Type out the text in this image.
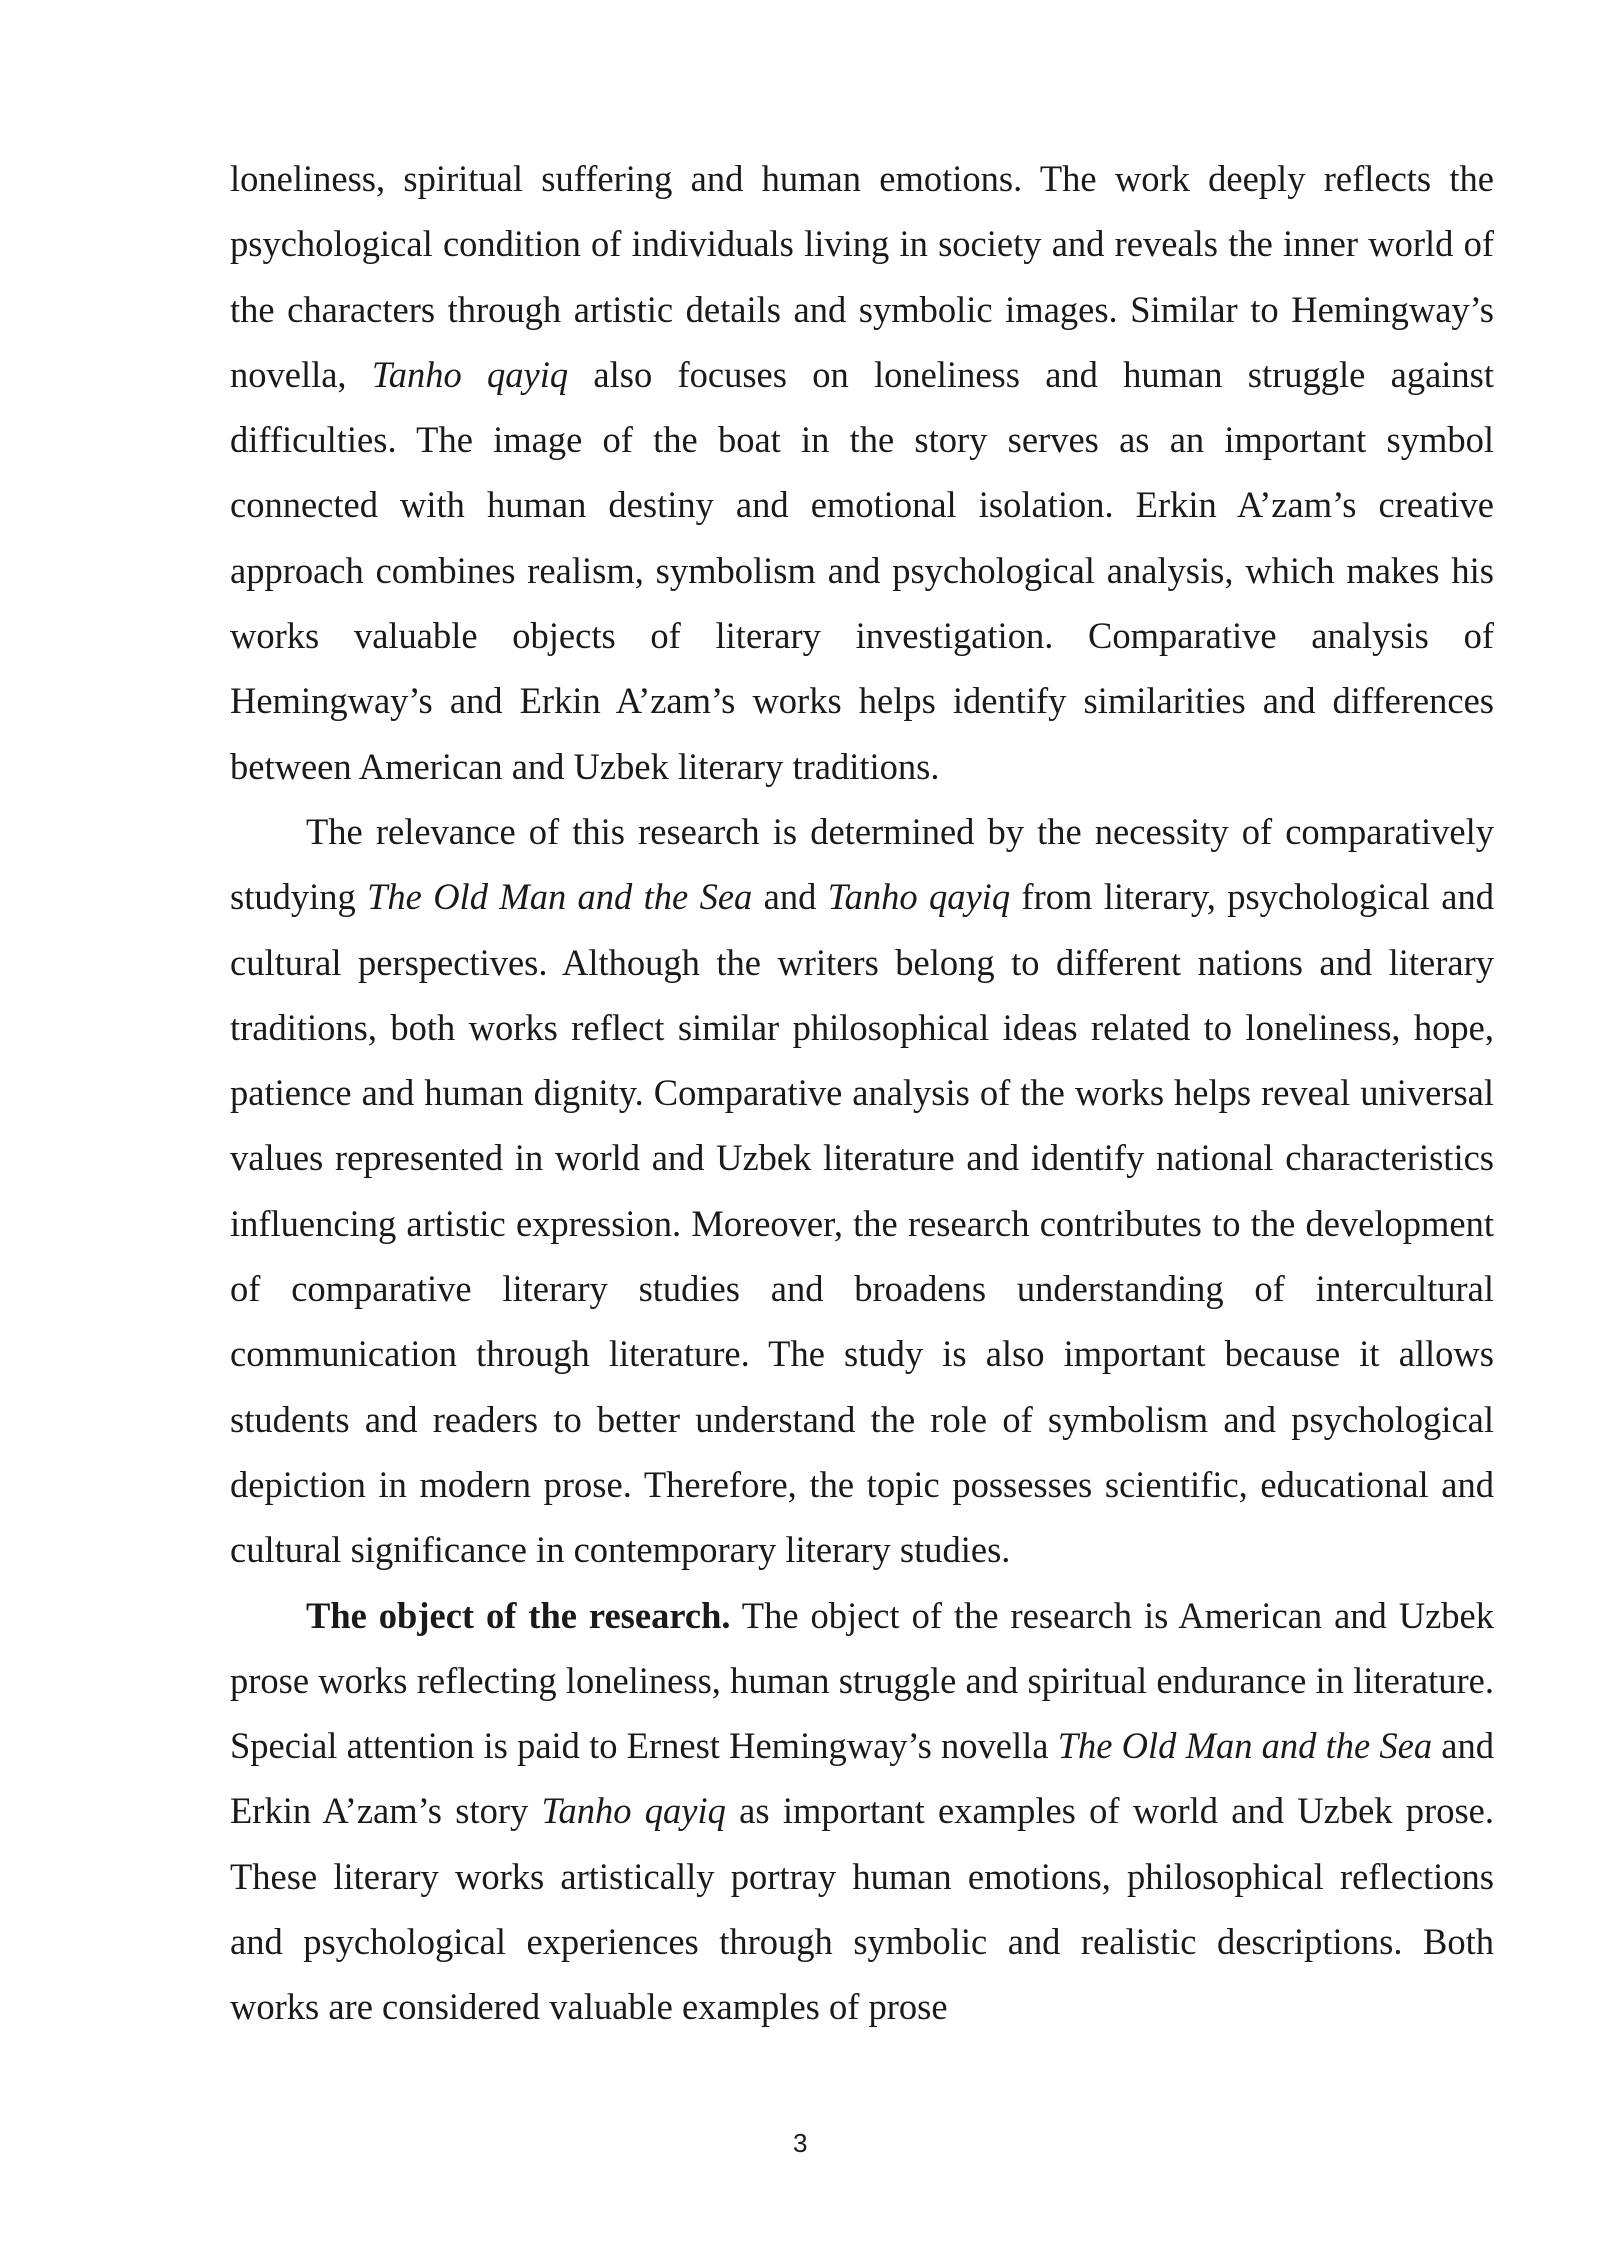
loneliness, spiritual suffering and human emotions. The work deeply reflects the psychological condition of individuals living in society and reveals the inner world of the characters through artistic details and symbolic images. Similar to Hemingway’s novella, Tanho qayiq also focuses on loneliness and human struggle against difficulties. The image of the boat in the story serves as an important symbol connected with human destiny and emotional isolation. Erkin A’zam’s creative approach combines realism, symbolism and psychological analysis, which makes his works valuable objects of literary investigation. Comparative analysis of Hemingway’s and Erkin A’zam’s works helps identify similarities and differences between American and Uzbek literary traditions.

The relevance of this research is determined by the necessity of comparatively studying The Old Man and the Sea and Tanho qayiq from literary, psychological and cultural perspectives. Although the writers belong to different nations and literary traditions, both works reflect similar philosophical ideas related to loneliness, hope, patience and human dignity. Comparative analysis of the works helps reveal universal values represented in world and Uzbek literature and identify national characteristics influencing artistic expression. Moreover, the research contributes to the development of comparative literary studies and broadens understanding of intercultural communication through literature. The study is also important because it allows students and readers to better understand the role of symbolism and psychological depiction in modern prose. Therefore, the topic possesses scientific, educational and cultural significance in contemporary literary studies.

The object of the research. The object of the research is American and Uzbek prose works reflecting loneliness, human struggle and spiritual endurance in literature. Special attention is paid to Ernest Hemingway’s novella The Old Man and the Sea and Erkin A’zam’s story Tanho qayiq as important examples of world and Uzbek prose. These literary works artistically portray human emotions, philosophical reflections and psychological experiences through symbolic and realistic descriptions. Both works are considered valuable examples of prose

3
